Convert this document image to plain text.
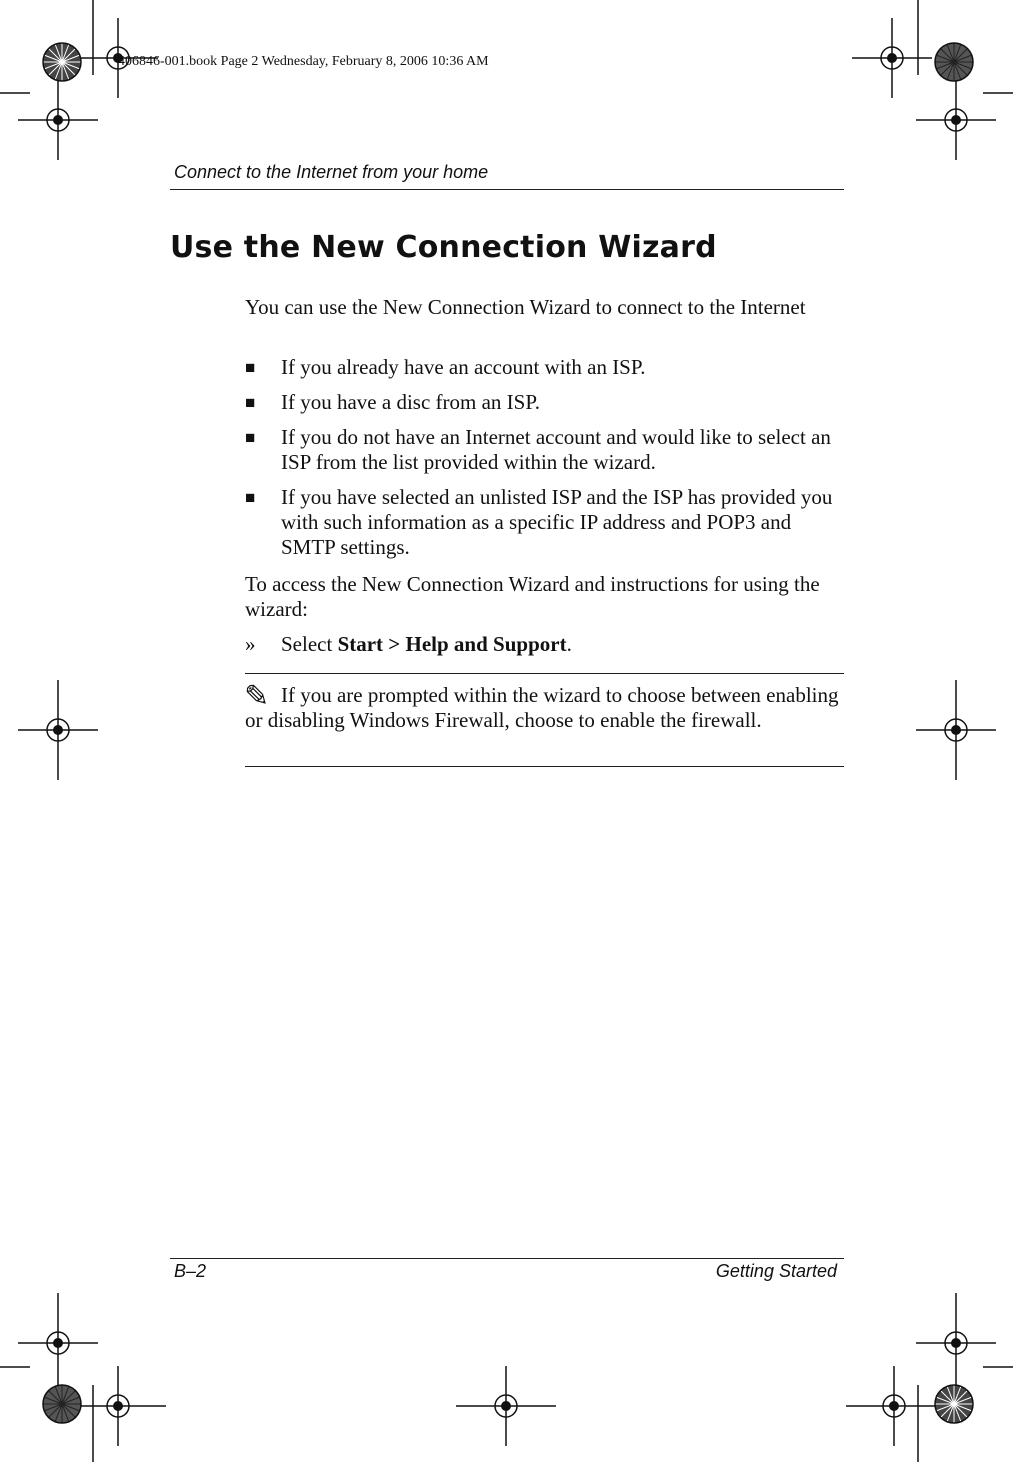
406846-001.book Page 2 Wednesday, February 8, 2006 10:36 AM
Connect to the Internet from your home
Use the New Connection Wizard
You can use the New Connection Wizard to connect to the Internet
■ If you already have an account with an ISP.
■ If you have a disc from an ISP.
■ If you do not have an Internet account and would like to select an ISP from the list provided within the wizard.
■ If you have selected an unlisted ISP and the ISP has provided you with such information as a specific IP address and POP3 and SMTP settings.
To access the New Connection Wizard and instructions for using the wizard:
» Select Start > Help and Support.
✎ If you are prompted within the wizard to choose between enabling or disabling Windows Firewall, choose to enable the firewall.
B–2	Getting Started
